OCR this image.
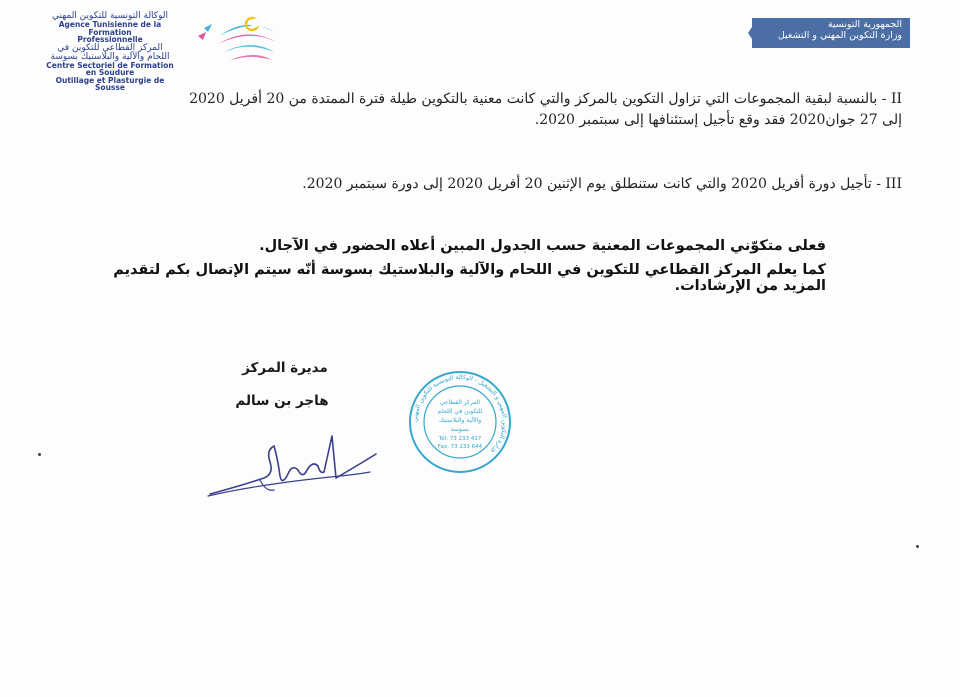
الوكالة التونسية للتكوين المهني
Agence Tunisienne de la Formation
Professionnelle
المركز القطاعي للتكوين في
اللحام والآلية والبلاستيك بسوسة
Centre Sectoriel de Formation en Soudure
Outillage et Plasturgie de Sousse
الجمهورية التونسية
وزارة التكوين المهني و التشغيل
II - بالنسبة لبقية المجموعات التي تزاول التكوين بالمركز والتي كانت معنية بالتكوين طيلة فترة الممتدة من 20 أفريل 2020
إلى 27 جوان2020 فقد وقع تأجيل إستئنافها إلى سبتمبر 2020.
III - تأجيل دورة أفريل 2020 والتي كانت ستنطلق يوم الإثنين 20 أفريل 2020 إلى دورة سبتمبر 2020.
فعلى متكوّني المجموعات المعنية حسب الجدول المبين أعلاه الحضور في الآجال.
كما يعلم المركز القطاعي للتكوين في اللحام والآلية والبلاستيك بسوسة أنّه سيتم الإتصال بكم لتقديم المزيد من الإرشادات.
مديرة المركز
هاجر بن سالم
وزارة التكوين المهني و التشغيل - الوكالة التونسية للتكوين المهني
المركز القطاعي
للتكوين في اللحام
والآلية والبلاستيك
بسوسة
Tél: 73 233 417
Fax: 73 233 644
